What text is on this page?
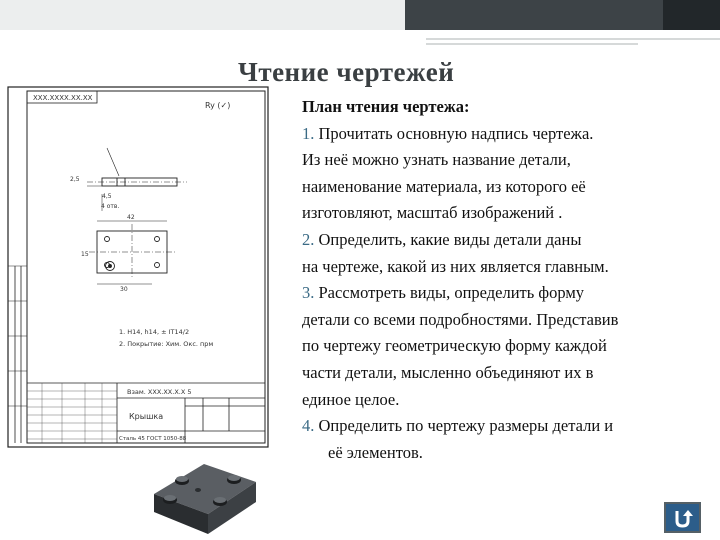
Чтение чертежей
ХХХ.ХХХХ.ХХ.ХХ
Ry (✓)
4,5
4 отв.
2,5
42
30
15
1. Н14, h14, ± IT14/2
2. Покрытие: Хим. Окс. прм
Взам. ХХХ.ХХ.Х.Х 5
Крышка
Сталь 45 ГОСТ 1050-88
План чтения чертежа:
1. Прочитать основную надпись чертежа.
Из неё можно узнать название детали,
наименование материала, из которого её
изготовляют, масштаб изображений .
2. Определить, какие виды детали даны
на чертеже, какой из них является главным.
3. Рассмотреть виды, определить форму
детали со всеми подробностями. Представив
по чертежу геометрическую форму каждой
части детали, мысленно объединяют их в
единое целое.
4. Определить по чертежу размеры детали и
её элементов.
